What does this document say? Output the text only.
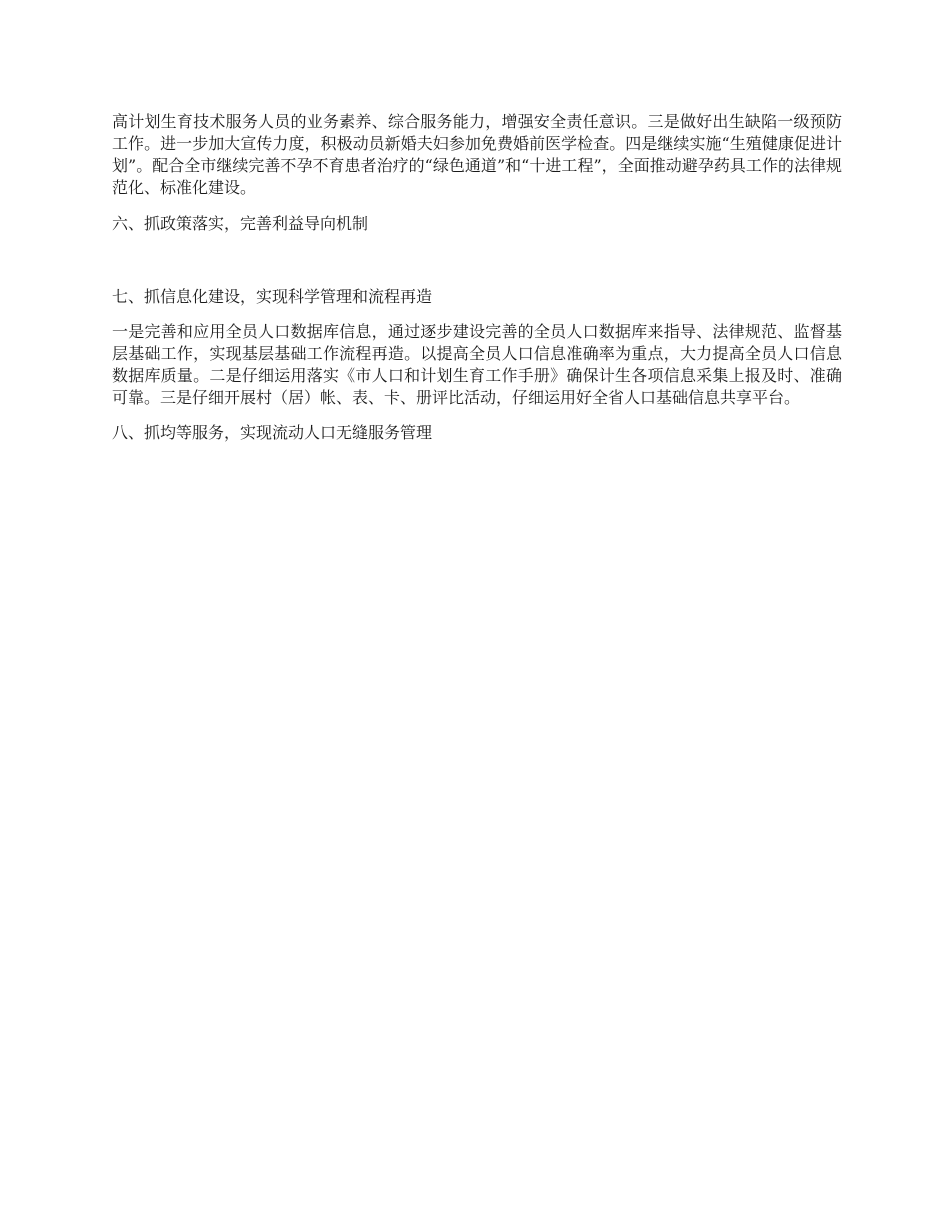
高计划生育技术服务人员的业务素养、综合服务能力，增强安全责任意识。三是做好出生缺陷一级预防工作。进一步加大宣传力度，积极动员新婚夫妇参加免费婚前医学检查。四是继续实施“生殖健康促进计划”。配合全市继续完善不孕不育患者治疗的“绿色通道”和“十进工程”，全面推动避孕药具工作的法律规范化、标准化建设。

六、抓政策落实，完善利益导向机制

七、抓信息化建设，实现科学管理和流程再造

一是完善和应用全员人口数据库信息，通过逐步建设完善的全员人口数据库来指导、法律规范、监督基层基础工作，实现基层基础工作流程再造。以提高全员人口信息准确率为重点，大力提高全员人口信息数据库质量。二是仔细运用落实《市人口和计划生育工作手册》确保计生各项信息采集上报及时、准确可靠。三是仔细开展村（居）帐、表、卡、册评比活动，仔细运用好全省人口基础信息共享平台。

八、抓均等服务，实现流动人口无缝服务管理
